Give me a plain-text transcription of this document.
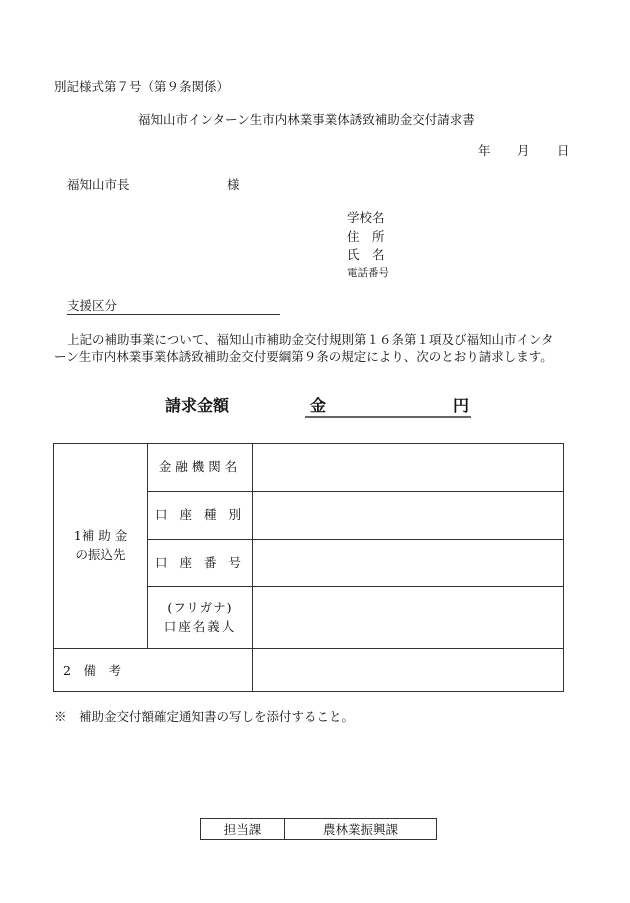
別記様式第７号（第９条関係）
福知山市インターン生市内林業事業体誘致補助金交付請求書
年 月 日
福知山市長	様
学校名
住　所
氏　名
電話番号
支援区分
上記の補助事業について、福知山市補助金交付規則第１６条第１項及び福知山市インタ
ーン生市内林業事業体誘致補助金交付要綱第９条の規定により、次のとおり請求します。
請求金額	金	円
1補 助 金
の振込先	金融機関名	
	口 座 種 別	
	口 座 番 号	

	(フリガナ)
口座名義人	

2　備　考		
※　補助金交付額確定通知書の写しを添付すること。
担当課	農林業振興課
